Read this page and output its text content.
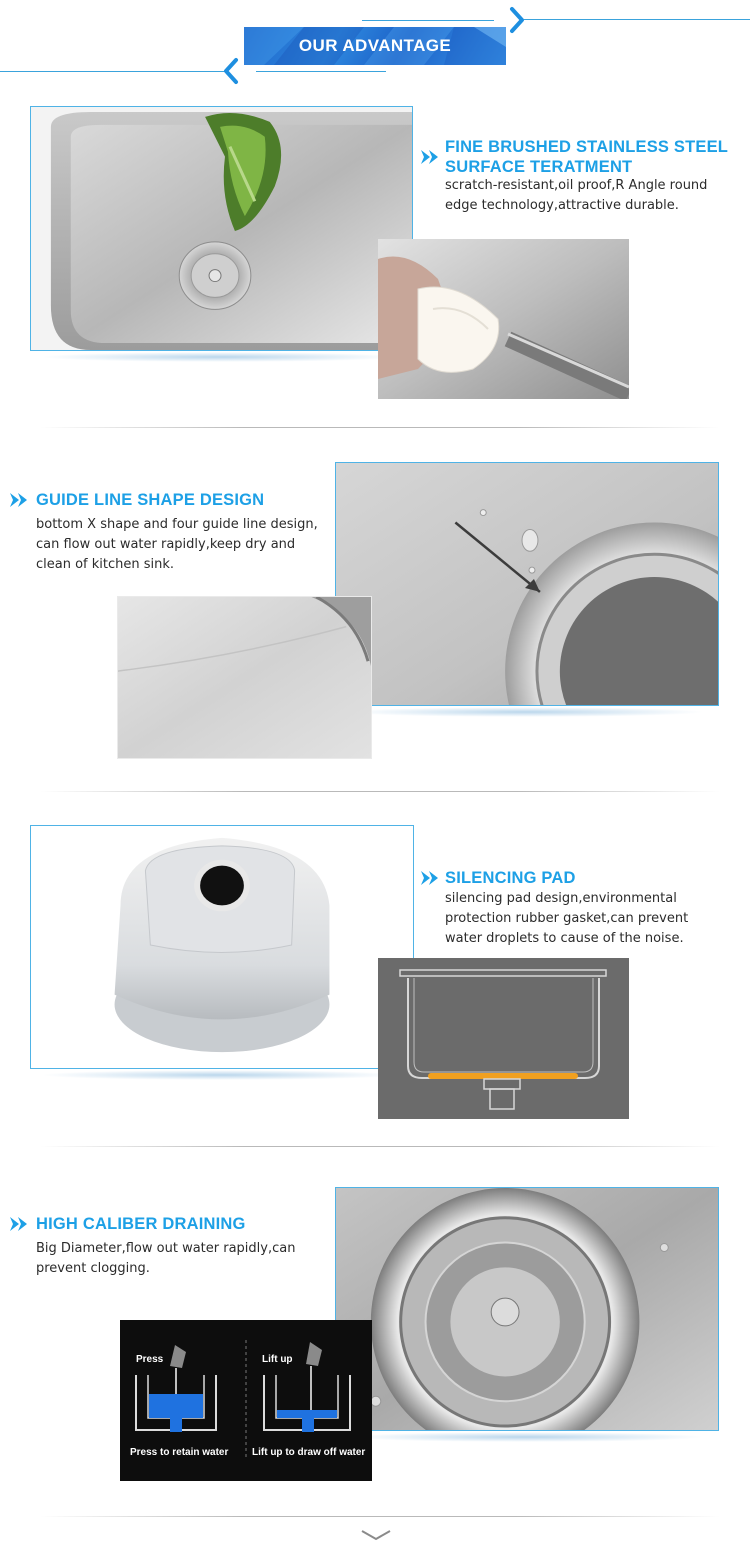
OUR ADVANTAGE
FINE BRUSHED STAINLESS STEEL
SURFACE TERATMENT
scratch-resistant,oil proof,R Angle round
edge technology,attractive durable.
GUIDE LINE SHAPE DESIGN
bottom X shape and four guide line design,
can flow out water rapidly,keep dry and
clean of kitchen sink.
SILENCING PAD
silencing pad design,environmental
protection rubber gasket,can prevent
water droplets to cause of the noise.
HIGH CALIBER DRAINING
Big Diameter,flow out water rapidly,can
prevent clogging.
Press
Press to retain water
Lift up
Lift up to draw off water
